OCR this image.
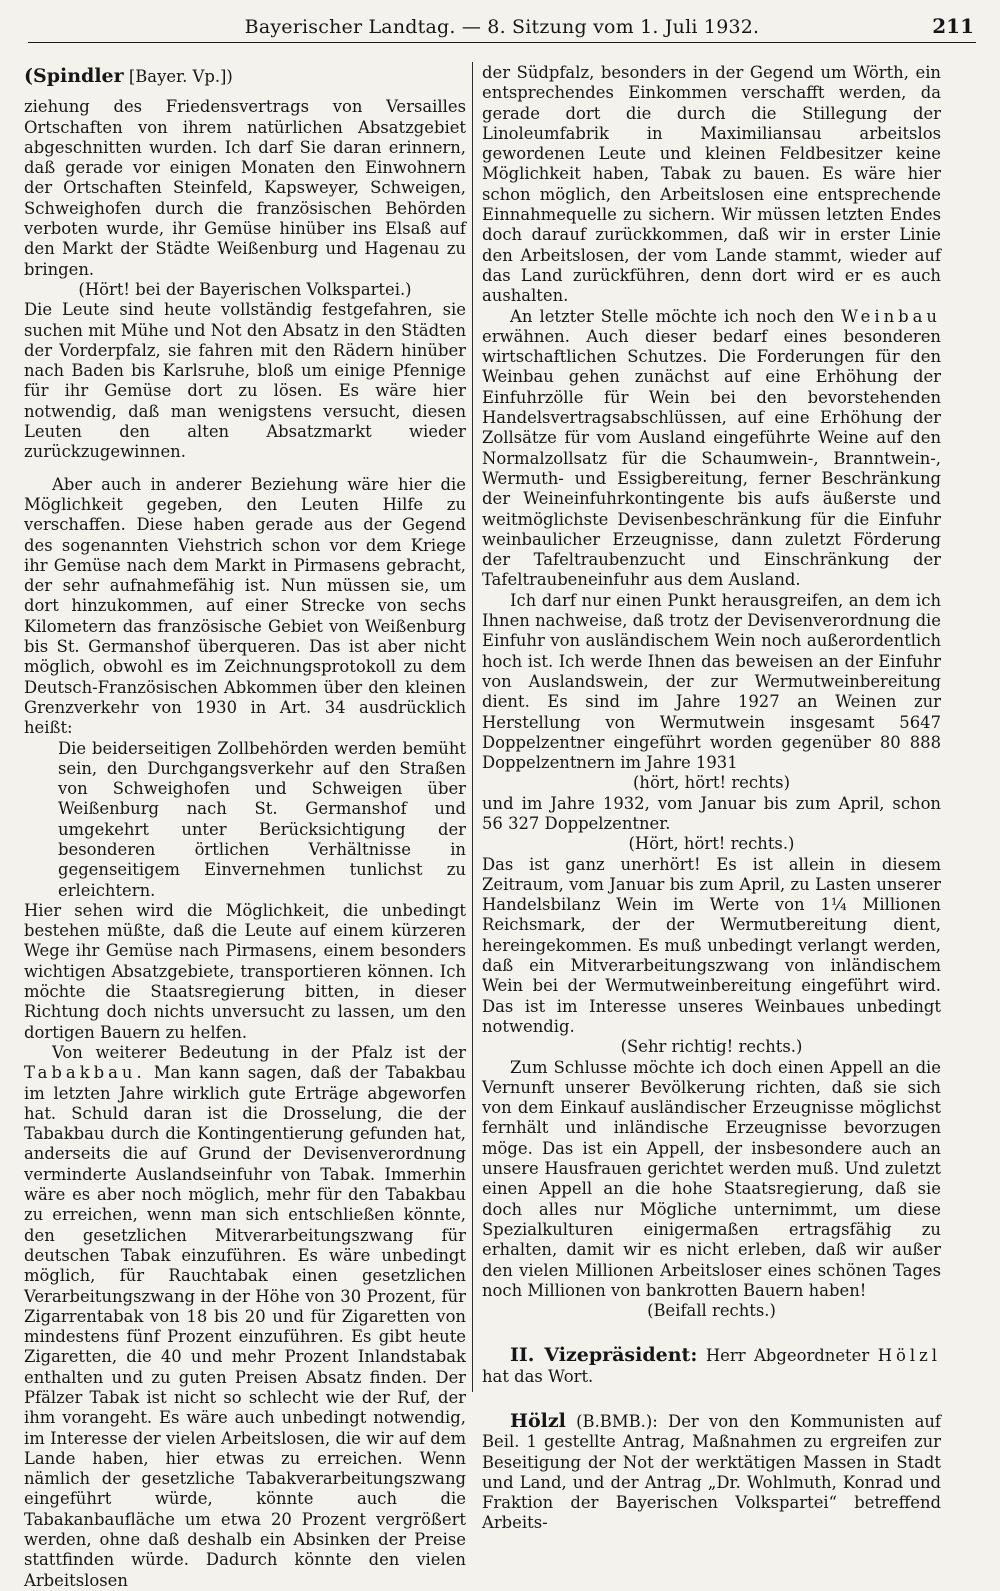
Bayerischer Landtag. — 8. Sitzung vom 1. Juli 1932.	211

(Spindler [Bayer. Vp.])

ziehung des Friedensvertrags von Versailles Ortschaften von ihrem natürlichen Absatzgebiet abgeschnitten wurden. Ich darf Sie daran erinnern, daß gerade vor einigen Monaten den Einwohnern der Ortschaften Steinfeld, Kapsweyer, Schweigen, Schweighofen durch die französischen Behörden verboten wurde, ihr Gemüse hinüber ins Elsaß auf den Markt der Städte Weißenburg und Hagenau zu bringen.

(Hört! bei der Bayerischen Volkspartei.)

Die Leute sind heute vollständig festgefahren, sie suchen mit Mühe und Not den Absatz in den Städten der Vorderpfalz, sie fahren mit den Rädern hinüber nach Baden bis Karlsruhe, bloß um einige Pfennige für ihr Gemüse dort zu lösen. Es wäre hier notwendig, daß man wenigstens versucht, diesen Leuten den alten Absatzmarkt wieder zurückzugewinnen.

Aber auch in anderer Beziehung wäre hier die Möglichkeit gegeben, den Leuten Hilfe zu verschaffen. Diese haben gerade aus der Gegend des sogenannten Viehstrich schon vor dem Kriege ihr Gemüse nach dem Markt in Pirmasens gebracht, der sehr aufnahmefähig ist. Nun müssen sie, um dort hinzukommen, auf einer Strecke von sechs Kilometern das französische Gebiet von Weißenburg bis St. Germanshof überqueren. Das ist aber nicht möglich, obwohl es im Zeichnungsprotokoll zu dem Deutsch-Französischen Abkommen über den kleinen Grenzverkehr von 1930 in Art. 34 ausdrücklich heißt:

Die beiderseitigen Zollbehörden werden bemüht sein, den Durchgangsverkehr auf den Straßen von Schweighofen und Schweigen über Weißenburg nach St. Germanshof und umgekehrt unter Berücksichtigung der besonderen örtlichen Verhältnisse in gegenseitigem Einvernehmen tunlichst zu erleichtern.

Hier sehen wird die Möglichkeit, die unbedingt bestehen müßte, daß die Leute auf einem kürzeren Wege ihr Gemüse nach Pirmasens, einem besonders wichtigen Absatzgebiete, transportieren können. Ich möchte die Staatsregierung bitten, in dieser Richtung doch nichts unversucht zu lassen, um den dortigen Bauern zu helfen.

Von weiterer Bedeutung in der Pfalz ist der Tabakbau. Man kann sagen, daß der Tabakbau im letzten Jahre wirklich gute Erträge abgeworfen hat. Schuld daran ist die Drosselung, die der Tabakbau durch die Kontingentierung gefunden hat, anderseits die auf Grund der Devisenverordnung verminderte Auslandseinfuhr von Tabak. Immerhin wäre es aber noch möglich, mehr für den Tabakbau zu erreichen, wenn man sich entschließen könnte, den gesetzlichen Mitverarbeitungszwang für deutschen Tabak einzuführen. Es wäre unbedingt möglich, für Rauchtabak einen gesetzlichen Verarbeitungszwang in der Höhe von 30 Prozent, für Zigarrentabak von 18 bis 20 und für Zigaretten von mindestens fünf Prozent einzuführen. Es gibt heute Zigaretten, die 40 und mehr Prozent Inlandstabak enthalten und zu guten Preisen Absatz finden. Der Pfälzer Tabak ist nicht so schlecht wie der Ruf, der ihm vorangeht. Es wäre auch unbedingt notwendig, im Interesse der vielen Arbeitslosen, die wir auf dem Lande haben, hier etwas zu erreichen. Wenn nämlich der gesetzliche Tabakverarbeitungszwang eingeführt würde, könnte auch die Tabakanbaufläche um etwa 20 Prozent vergrößert werden, ohne daß deshalb ein Absinken der Preise stattfinden würde. Dadurch könnte den vielen Arbeitslosen

der Südpfalz, besonders in der Gegend um Wörth, ein entsprechendes Einkommen verschafft werden, da gerade dort die durch die Stillegung der Linoleumfabrik in Maximiliansau arbeitslos gewordenen Leute und kleinen Feldbesitzer keine Möglichkeit haben, Tabak zu bauen. Es wäre hier schon möglich, den Arbeitslosen eine entsprechende Einnahmequelle zu sichern. Wir müssen letzten Endes doch darauf zurückkommen, daß wir in erster Linie den Arbeitslosen, der vom Lande stammt, wieder auf das Land zurückführen, denn dort wird er es auch aushalten.

An letzter Stelle möchte ich noch den Weinbau erwähnen. Auch dieser bedarf eines besonderen wirtschaftlichen Schutzes. Die Forderungen für den Weinbau gehen zunächst auf eine Erhöhung der Einfuhrzölle für Wein bei den bevorstehenden Handelsvertragsabschlüssen, auf eine Erhöhung der Zollsätze für vom Ausland eingeführte Weine auf den Normalzollsatz für die Schaumwein-, Branntwein-, Wermuth- und Essigbereitung, ferner Beschränkung der Weineinfuhrkontingente bis aufs äußerste und weitmöglichste Devisenbeschränkung für die Einfuhr weinbaulicher Erzeugnisse, dann zuletzt Förderung der Tafeltraubenzucht und Einschränkung der Tafeltraubeneinfuhr aus dem Ausland.

Ich darf nur einen Punkt herausgreifen, an dem ich Ihnen nachweise, daß trotz der Devisenverordnung die Einfuhr von ausländischem Wein noch außerordentlich hoch ist. Ich werde Ihnen das beweisen an der Einfuhr von Auslandswein, der zur Wermutweinbereitung dient. Es sind im Jahre 1927 an Weinen zur Herstellung von Wermutwein insgesamt 5647 Doppelzentner eingeführt worden gegenüber 80 888 Doppelzentnern im Jahre 1931

(hört, hört! rechts)

und im Jahre 1932, vom Januar bis zum April, schon 56 327 Doppelzentner.

(Hört, hört! rechts.)

Das ist ganz unerhört! Es ist allein in diesem Zeitraum, vom Januar bis zum April, zu Lasten unserer Handelsbilanz Wein im Werte von 1¼ Millionen Reichsmark, der der Wermutbereitung dient, hereingekommen. Es muß unbedingt verlangt werden, daß ein Mitverarbeitungszwang von inländischem Wein bei der Wermutweinbereitung eingeführt wird. Das ist im Interesse unseres Weinbaues unbedingt notwendig.

(Sehr richtig! rechts.)

Zum Schlusse möchte ich doch einen Appell an die Vernunft unserer Bevölkerung richten, daß sie sich von dem Einkauf ausländischer Erzeugnisse möglichst fernhält und inländische Erzeugnisse bevorzugen möge. Das ist ein Appell, der insbesondere auch an unsere Hausfrauen gerichtet werden muß. Und zuletzt einen Appell an die hohe Staatsregierung, daß sie doch alles nur Mögliche unternimmt, um diese Spezialkulturen einigermaßen ertragsfähig zu erhalten, damit wir es nicht erleben, daß wir außer den vielen Millionen Arbeitsloser eines schönen Tages noch Millionen von bankrotten Bauern haben!

(Beifall rechts.)

II. Vizepräsident: Herr Abgeordneter Hölzl hat das Wort.

Hölzl (B.BMB.): Der von den Kommunisten auf Beil. 1 gestellte Antrag, Maßnahmen zu ergreifen zur Beseitigung der Not der werktätigen Massen in Stadt und Land, und der Antrag „Dr. Wohlmuth, Konrad und Fraktion der Bayerischen Volkspartei“ betreffend Arbeits-
